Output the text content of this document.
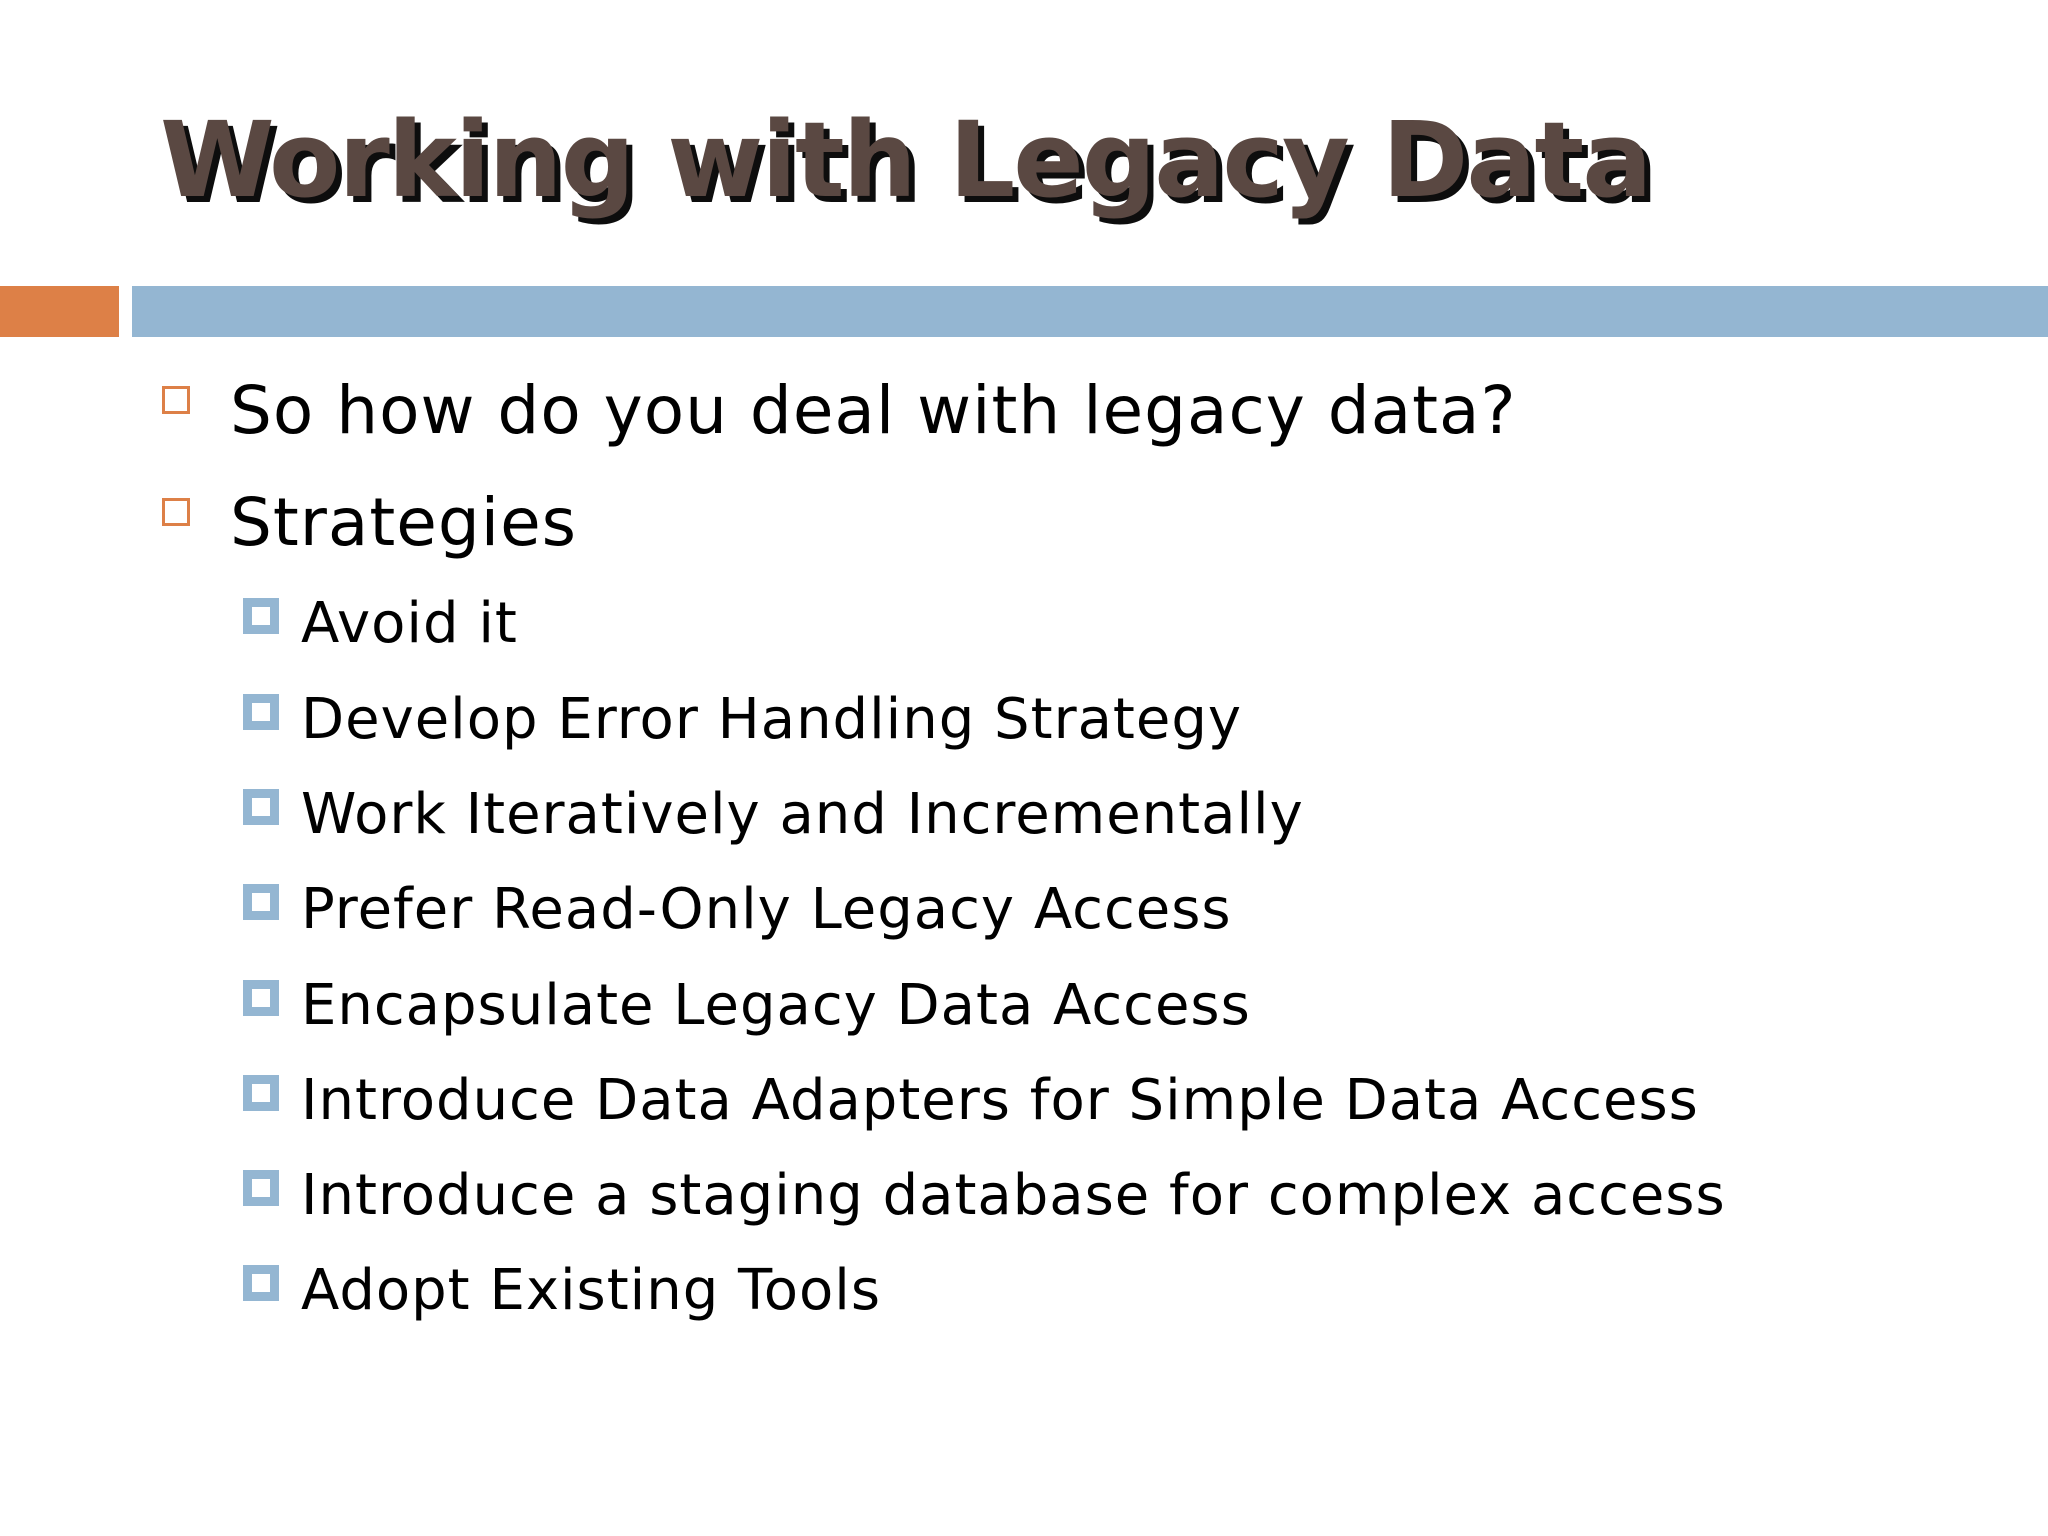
Working with Legacy Data
So how do you deal with legacy data?
Strategies
Avoid it
Develop Error Handling Strategy
Work Iteratively and Incrementally
Prefer Read-Only Legacy Access
Encapsulate Legacy Data Access
Introduce Data Adapters for Simple Data Access
Introduce a staging database for complex access
Adopt Existing Tools
